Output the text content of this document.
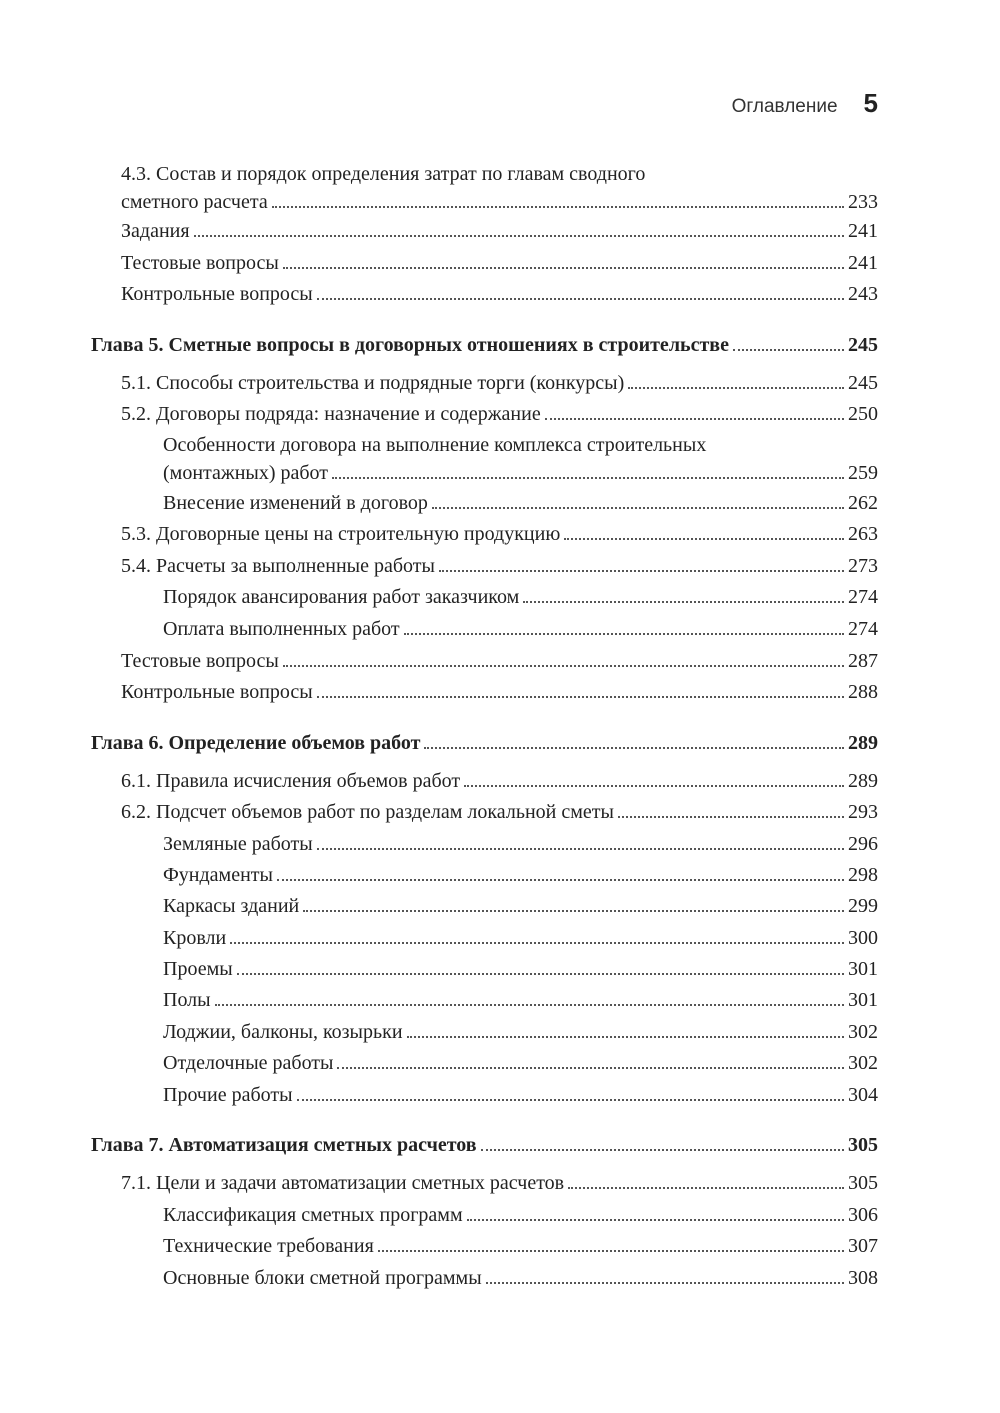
Оглавление 5
4.3. Состав и порядок определения затрат по главам сводного
сметного расчета	233
Задания	241
Тестовые вопросы	241
Контрольные вопросы	243
Глава 5. Сметные вопросы в договорных отношениях в строительстве	245
5.1. Способы строительства и подрядные торги (конкурсы)	245
5.2. Договоры подряда: назначение и содержание	250
Особенности договора на выполнение комплекса строительных
(монтажных) работ	259
Внесение изменений в договор	262
5.3. Договорные цены на строительную продукцию	263
5.4. Расчеты за выполненные работы	273
Порядок авансирования работ заказчиком	274
Оплата выполненных работ	274
Тестовые вопросы	287
Контрольные вопросы	288
Глава 6. Определение объемов работ	289
6.1. Правила исчисления объемов работ	289
6.2. Подсчет объемов работ по разделам локальной сметы	293
Земляные работы	296
Фундаменты	298
Каркасы зданий	299
Кровли	300
Проемы	301
Полы	301
Лоджии, балконы, козырьки	302
Отделочные работы	302
Прочие работы	304
Глава 7. Автоматизация сметных расчетов	305
7.1. Цели и задачи автоматизации сметных расчетов	305
Классификация сметных программ	306
Технические требования	307
Основные блоки сметной программы	308
